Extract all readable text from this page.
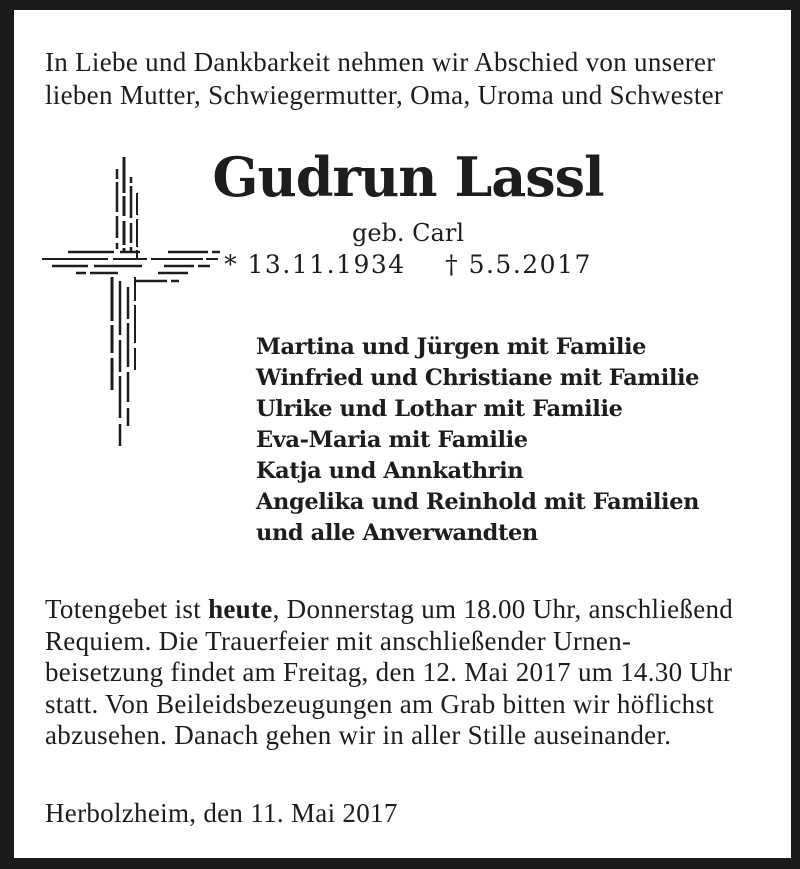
In Liebe und Dankbarkeit nehmen wir Abschied von unserer
lieben Mutter, Schwiegermutter, Oma, Uroma und Schwester
Gudrun Lassl
geb. Carl
* 13.11.1934 † 5.5.2017
Martina und Jürgen mit Familie
Winfried und Christiane mit Familie
Ulrike und Lothar mit Familie
Eva-Maria mit Familie
Katja und Annkathrin
Angelika und Reinhold mit Familien
und alle Anverwandten
Totengebet ist heute, Donnerstag um 18.00 Uhr, anschließend
Requiem. Die Trauerfeier mit anschließender Urnen-
beisetzung findet am Freitag, den 12. Mai 2017 um 14.30 Uhr
statt. Von Beileidsbezeugungen am Grab bitten wir höflichst
abzusehen. Danach gehen wir in aller Stille auseinander.
Herbolzheim, den 11. Mai 2017
